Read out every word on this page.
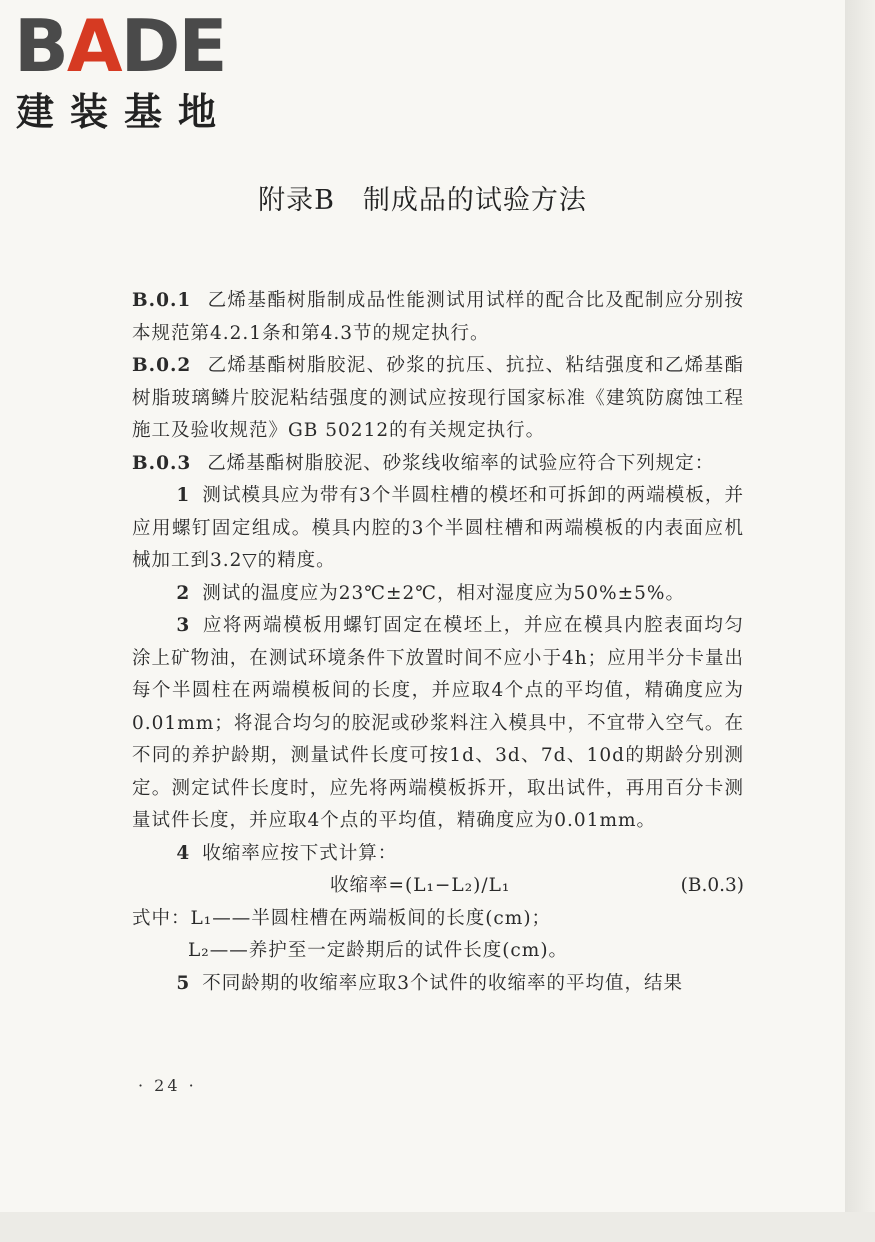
BADE
建装基地
附录B 制成品的试验方法

B.0.1 乙烯基酯树脂制成品性能测试用试样的配合比及配制应分别按本规范第4.2.1条和第4.3节的规定执行。

B.0.2 乙烯基酯树脂胶泥、砂浆的抗压、抗拉、粘结强度和乙烯基酯树脂玻璃鳞片胶泥粘结强度的测试应按现行国家标准《建筑防腐蚀工程施工及验收规范》GB 50212的有关规定执行。

B.0.3 乙烯基酯树脂胶泥、砂浆线收缩率的试验应符合下列规定：

1 测试模具应为带有3个半圆柱槽的模坯和可拆卸的两端模板，并应用螺钉固定组成。模具内腔的3个半圆柱槽和两端模板的内表面应机械加工到3.2▽的精度。

2 测试的温度应为23℃±2℃，相对湿度应为50%±5%。

3 应将两端模板用螺钉固定在模坯上，并应在模具内腔表面均匀涂上矿物油，在测试环境条件下放置时间不应小于4h；应用半分卡量出每个半圆柱在两端模板间的长度，并应取4个点的平均值，精确度应为0.01mm；将混合均匀的胶泥或砂浆料注入模具中，不宜带入空气。在不同的养护龄期，测量试件长度可按1d、3d、7d、10d的期龄分别测定。测定试件长度时，应先将两端模板拆开，取出试件，再用百分卡测量试件长度，并应取4个点的平均值，精确度应为0.01mm。

4 收缩率应按下式计算：

收缩率=(L₁−L₂)/L₁	(B.0.3)

式中：L₁——半圆柱槽在两端板间的长度(cm)；

L₂——养护至一定龄期后的试件长度(cm)。

5 不同龄期的收缩率应取3个试件的收缩率的平均值，结果

· 24 ·
